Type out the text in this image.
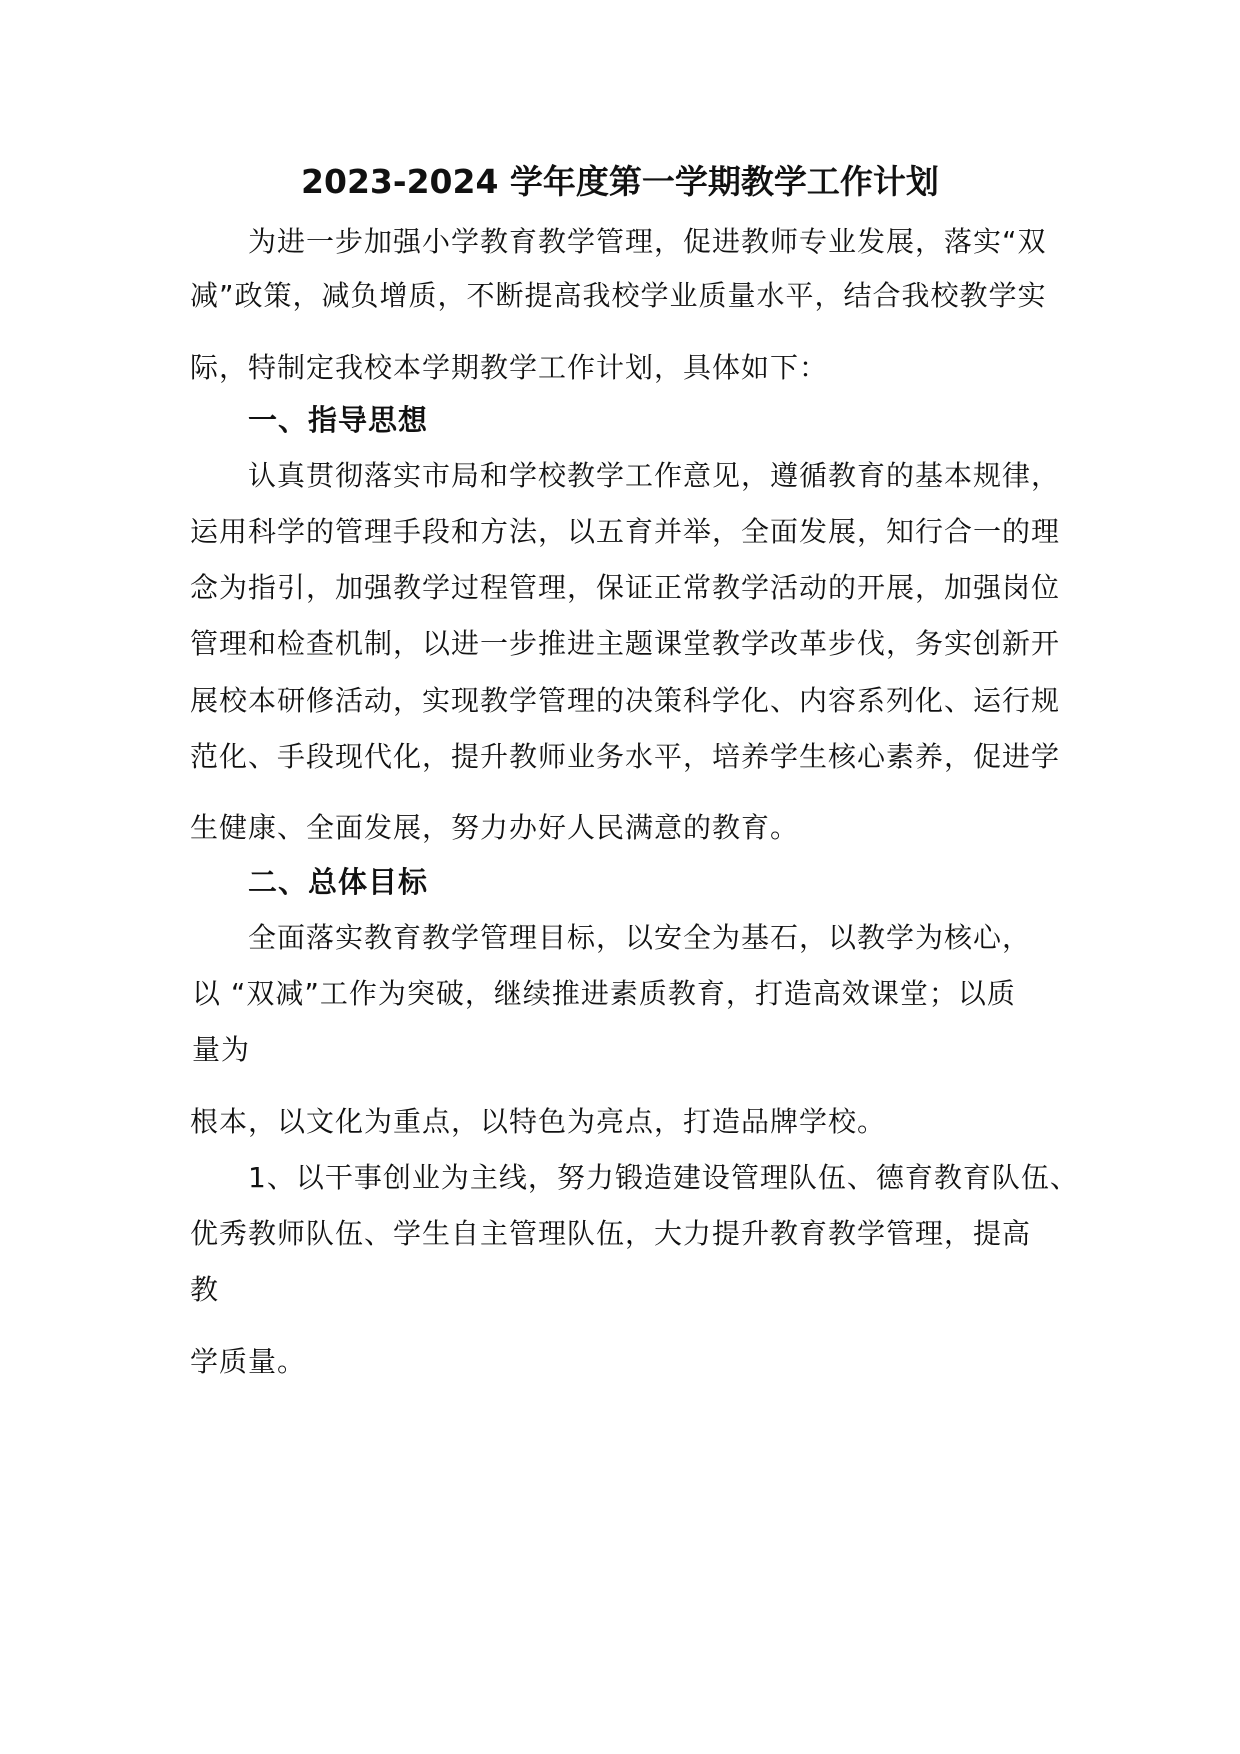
2023-2024 学年度第一学期教学工作计划
为进一步加强小学教育教学管理，促进教师专业发展，落实“双
减”政策，减负增质，不断提高我校学业质量水平，结合我校教学实
际，特制定我校本学期教学工作计划，具体如下：
一、指导思想
认真贯彻落实市局和学校教学工作意见，遵循教育的基本规律，
运用科学的管理手段和方法，以五育并举，全面发展，知行合一的理
念为指引，加强教学过程管理，保证正常教学活动的开展，加强岗位
管理和检查机制，以进一步推进主题课堂教学改革步伐，务实创新开
展校本研修活动，实现教学管理的决策科学化、内容系列化、运行规
范化、手段现代化，提升教师业务水平，培养学生核心素养，促进学
生健康、全面发展，努力办好人民满意的教育。
二、总体目标
全面落实教育教学管理目标，以安全为基石，以教学为核心，
以 “双减”工作为突破，继续推进素质教育，打造高效课堂；以质
量为
根本，以文化为重点，以特色为亮点，打造品牌学校。
1、以干事创业为主线，努力锻造建设管理队伍、德育教育队伍、
优秀教师队伍、学生自主管理队伍，大力提升教育教学管理，提高
教
学质量。
